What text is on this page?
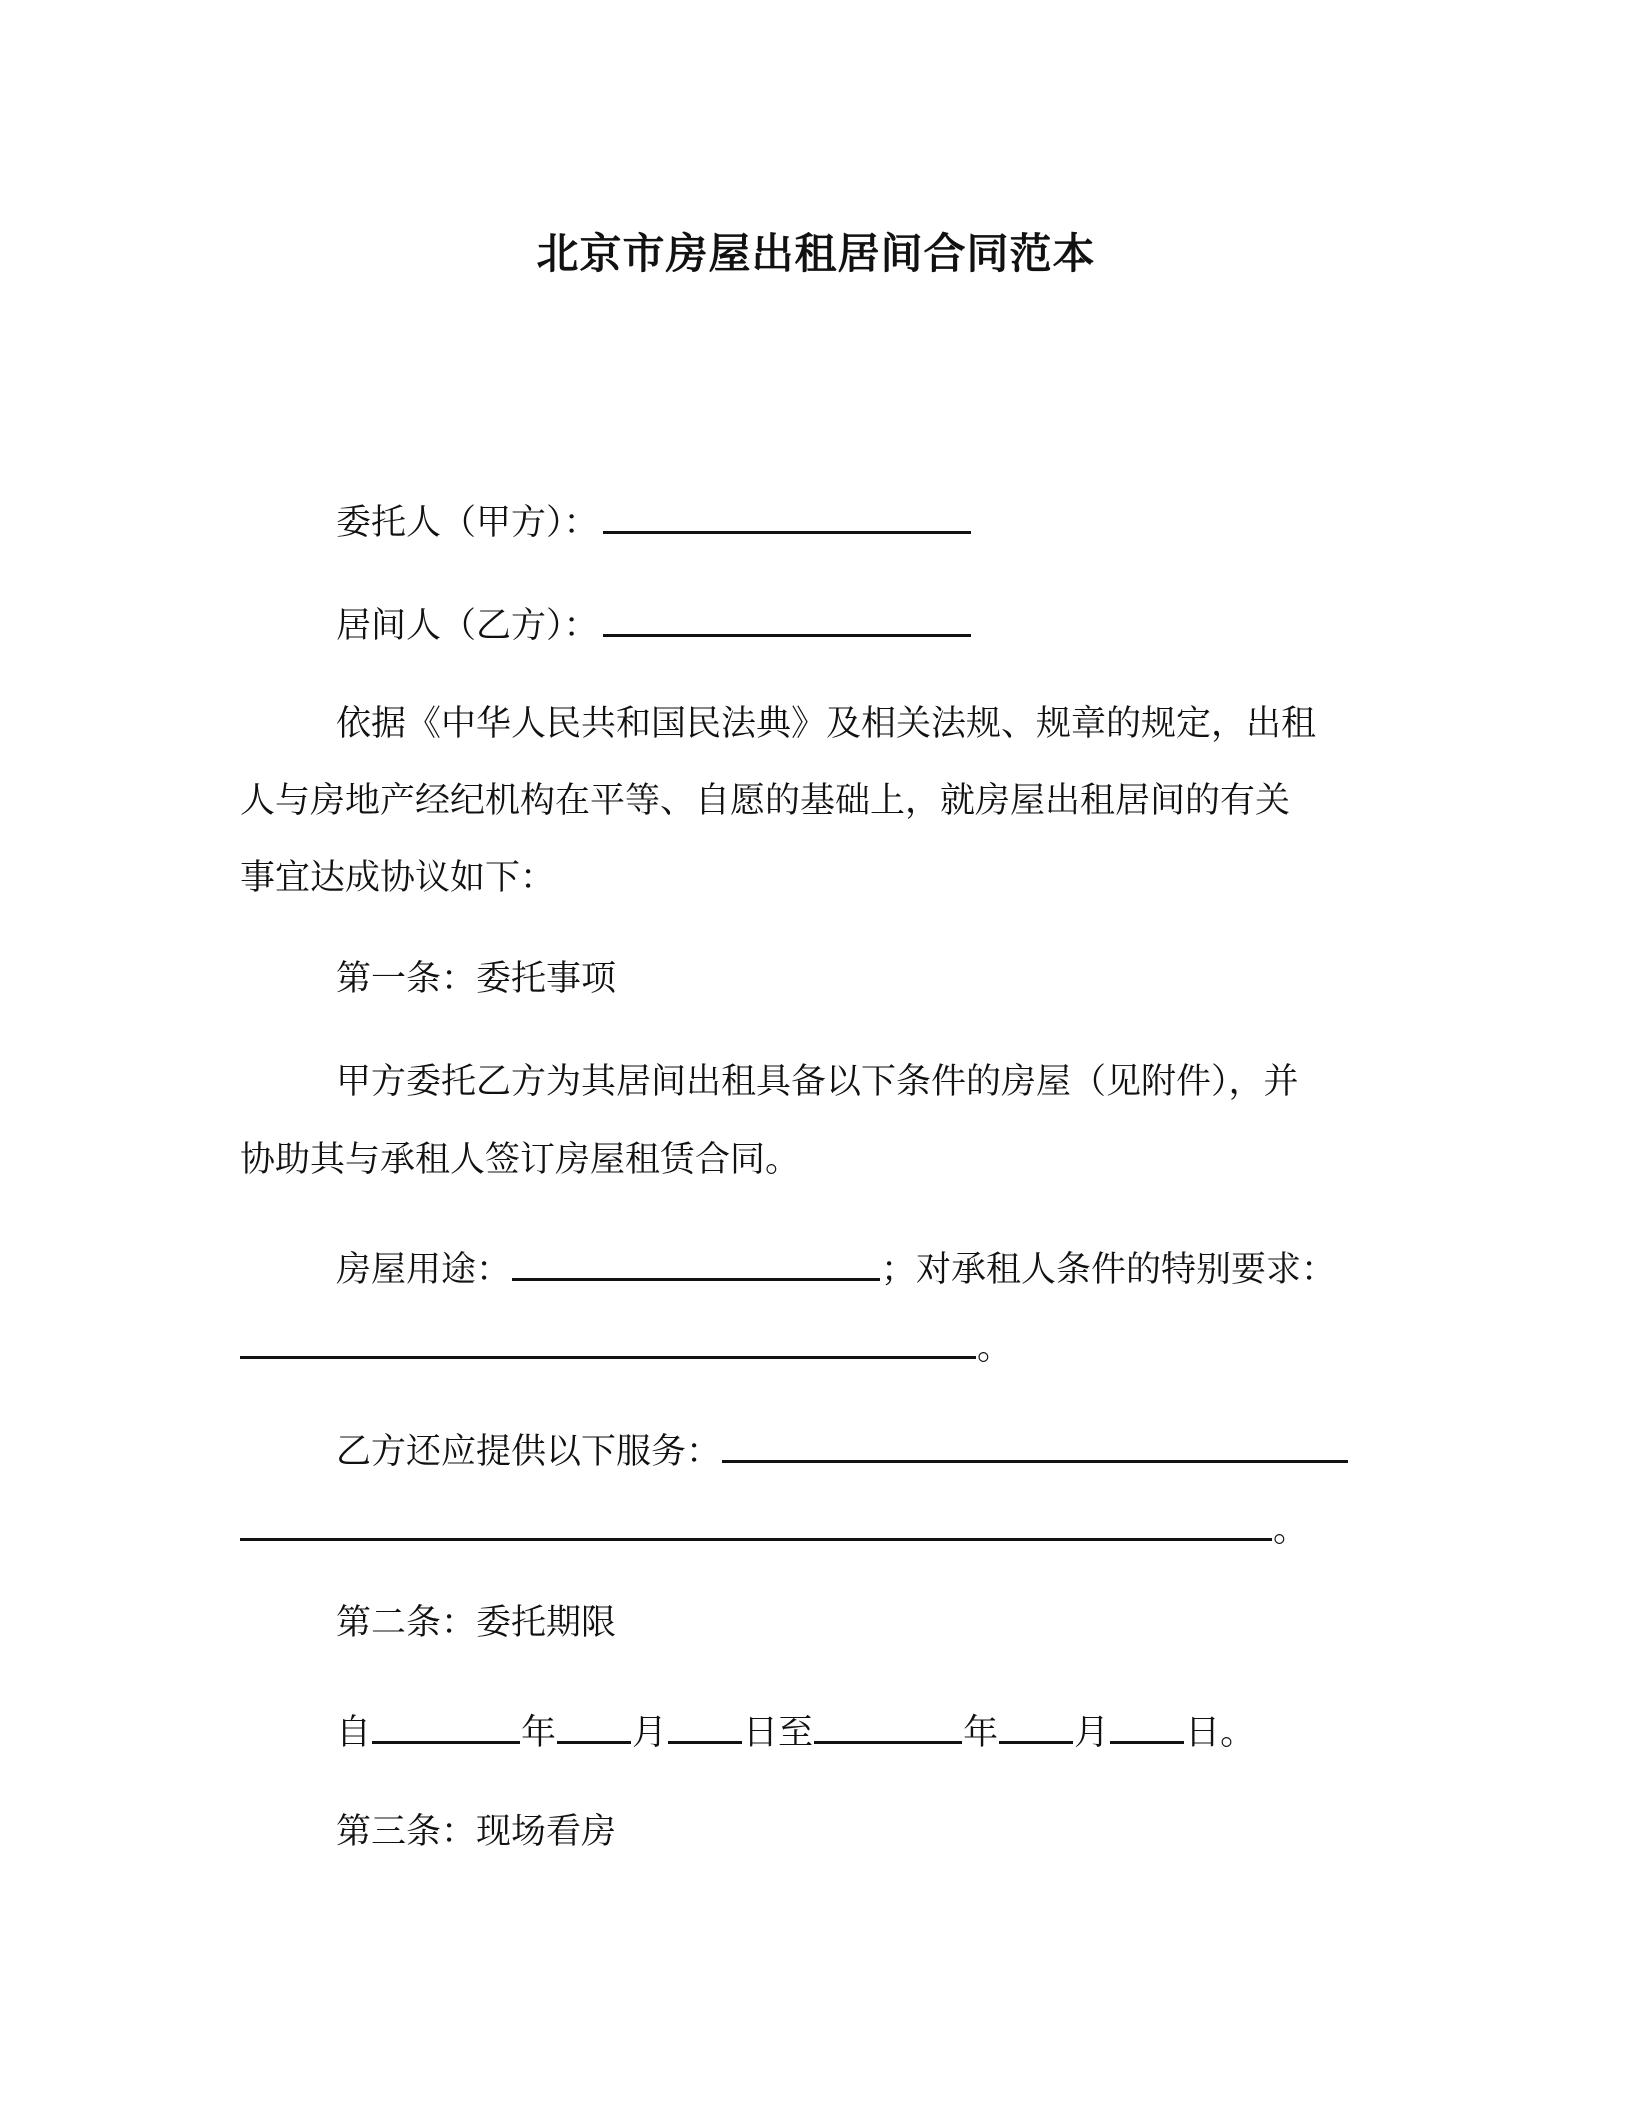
北京市房屋出租居间合同范本
委托人（甲方）：
居间人（乙方）：
依据《中华人民共和国民法典》及相关法规、规章的规定，出租
人与房地产经纪机构在平等、自愿的基础上，就房屋出租居间的有关
事宜达成协议如下：
第一条：委托事项
甲方委托乙方为其居间出租具备以下条件的房屋（见附件），并
协助其与承租人签订房屋租赁合同。
房屋用途：	；对承租人条件的特别要求：
。
乙方还应提供以下服务：
。
第二条：委托期限
自	年 月 日至	年 月 日。
第三条：现场看房
